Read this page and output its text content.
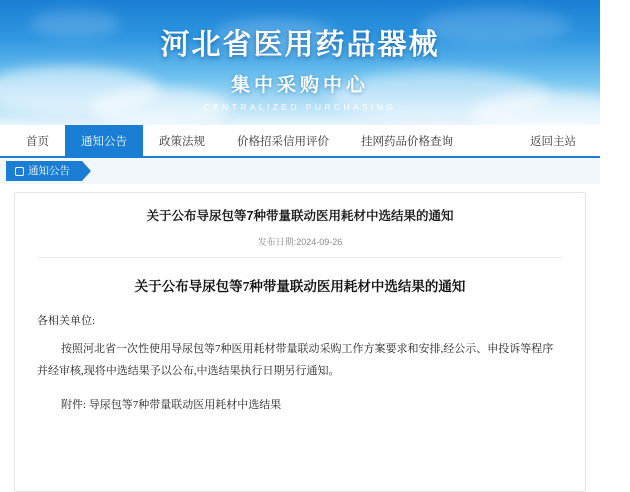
河北省医用药品器械
集中采购中心
CENTRALIZED PURCHASING
首页	通知公告	政策法规	价格招采信用评价	挂网药品价格查询	返回主站
通知公告
关于公布导尿包等7种带量联动医用耗材中选结果的通知
发布日期:2024-09-26
关于公布导尿包等7种带量联动医用耗材中选结果的通知
各相关单位:
按照河北省一次性使用导尿包等7种医用耗材带量联动采购工作方案要求和安排,经公示、申投诉等程序并经审核,现将中选结果予以公布,中选结果执行日期另行通知。
附件: 导尿包等7种带量联动医用耗材中选结果
